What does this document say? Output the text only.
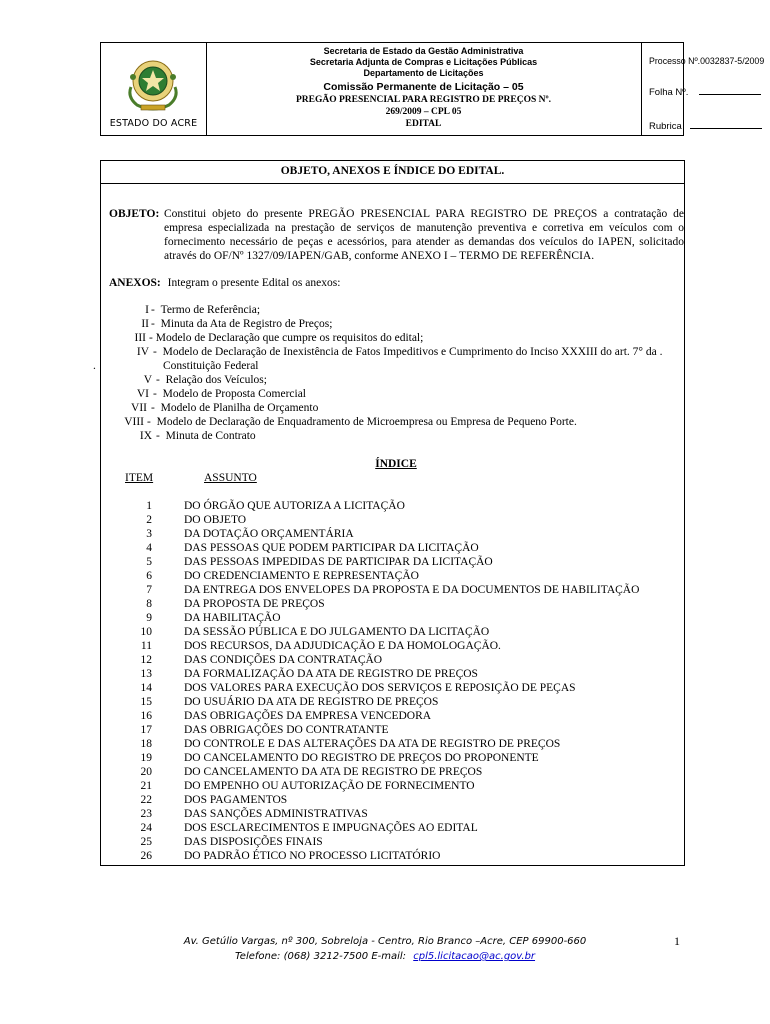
ESTADO DO ACRE
Secretaria de Estado da Gestão Administrativa
Secretaria Adjunta de Compras e Licitações Públicas
Departamento de Licitações
Comissão Permanente de Licitação – 05
PREGÃO PRESENCIAL PARA REGISTRO DE PREÇOS Nº.
269/2009 – CPL 05
EDITAL
Processo Nº.0032837-5/2009
Folha Nº.
Rubrica
OBJETO, ANEXOS E ÍNDICE DO EDITAL.
OBJETO: Constitui objeto do presente PREGÃO PRESENCIAL PARA REGISTRO DE PREÇOS a contratação de
empresa especializada na prestação de serviços de manutenção preventiva e corretiva em veículos com o
fornecimento necessário de peças e acessórios, para atender as demandas dos veículos do IAPEN, solicitado
através do OF/Nº 1327/09/IAPEN/GAB, conforme ANEXO I – TERMO DE REFERÊNCIA.
ANEXOS: Integram o presente Edital os anexos:
I -  Termo de Referência;
II -  Minuta da Ata de Registro de Preços;
III - Modelo de Declaração que cumpre os requisitos do edital;
IV -  Modelo de Declaração de Inexistência de Fatos Impeditivos e Cumprimento do Inciso XXXIII do art. 7° da .
.	Constituição Federal
V -  Relação dos Veículos;
VI -  Modelo de Proposta Comercial
VII -  Modelo de Planilha de Orçamento
VIII -  Modelo de Declaração de Enquadramento de Microempresa ou Empresa de Pequeno Porte.
IX -  Minuta de Contrato
ÍNDICE
ITEM	ASSUNTO
1	DO ÓRGÃO QUE AUTORIZA A LICITAÇÃO
2	DO OBJETO
3	DA DOTAÇÃO ORÇAMENTÁRIA
4	DAS PESSOAS QUE PODEM PARTICIPAR DA LICITAÇÃO
5	DAS PESSOAS IMPEDIDAS DE PARTICIPAR DA LICITAÇÃO
6	DO CREDENCIAMENTO E REPRESENTAÇÃO
7	DA ENTREGA DOS ENVELOPES DA PROPOSTA E DA DOCUMENTOS DE HABILITAÇÃO
8	DA PROPOSTA DE PREÇOS
9	DA HABILITAÇÃO
10	DA SESSÃO PÚBLICA E DO JULGAMENTO DA LICITAÇÃO
11	DOS RECURSOS, DA ADJUDICAÇÃO E DA HOMOLOGAÇÃO.
12	DAS CONDIÇÕES DA CONTRATAÇÃO
13	DA FORMALIZAÇÃO DA ATA DE REGISTRO DE PREÇOS
14	DOS VALORES PARA EXECUÇÃO DOS SERVIÇOS E REPOSIÇÃO DE PEÇAS
15	DO USUÁRIO DA ATA DE REGISTRO DE PREÇOS
16	DAS OBRIGAÇÕES DA EMPRESA VENCEDORA
17	DAS OBRIGAÇÕES DO CONTRATANTE
18	DO CONTROLE E DAS ALTERAÇÕES DA ATA DE REGISTRO DE PREÇOS
19	DO CANCELAMENTO DO REGISTRO DE PREÇOS DO PROPONENTE
20	DO CANCELAMENTO DA ATA DE REGISTRO DE PREÇOS
21	DO EMPENHO OU AUTORIZAÇÃO DE FORNECIMENTO
22	DOS PAGAMENTOS
23	DAS SANÇÕES ADMINISTRATIVAS
24	DOS ESCLARECIMENTOS E IMPUGNAÇÕES AO EDITAL
25	DAS DISPOSIÇÕES FINAIS
26	DO PADRÃO ÉTICO NO PROCESSO LICITATÓRIO
Av. Getúlio Vargas, nº 300, Sobreloja - Centro, Rio Branco –Acre, CEP 69900-660
Telefone: (068) 3212-7500 E-mail: cpl5.licitacao@ac.gov.br
1
